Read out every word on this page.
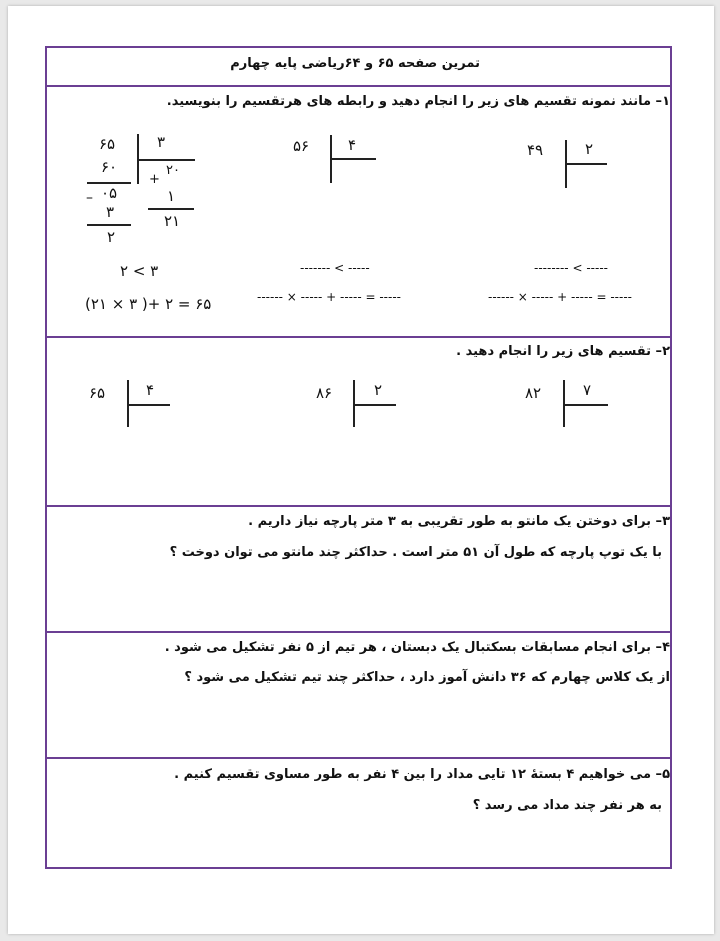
تمرین صفحه ۶۵ و ۶۴ریاضی پایه چهارم
۱– مانند نمونه تقسیم های زیر را انجام دهید و رابطه های هرتقسیم را بنویسید.
۶۵	۳
۶۰	۲۰
+
۰۵
–	۱
۳	۲۱
۲
۲ < ۳
(۲۱ × ۳ )+ ۲ = ۶۵
۵۶	۴
------- < -----
------ × ----- + ----- = -----
۴۹	۲
-------- < -----
------ × ----- + ----- = -----
۲– تقسیم های زیر را انجام دهید .
۶۵	۴	۸۶	۲	۸۲	۷
۳– برای دوختن یک مانتو به طور تقریبی به ۳ متر پارچه نیاز داریم .
با یک توپ پارچه که طول آن ۵۱ متر است . حداکثر چند مانتو می توان دوخت ؟
۴– برای انجام مسابقات بسکتبال یک دبستان ، هر تیم از ۵ نفر تشکیل می شود .
از یک کلاس چهارم که ۳۶ دانش آموز دارد ، حداکثر چند تیم تشکیل می شود ؟
۵– می خواهیم ۴ بستهٔ ۱۲ تایی مداد را بین ۴ نفر به طور مساوی تقسیم کنیم .
به هر نفر چند مداد می رسد ؟
